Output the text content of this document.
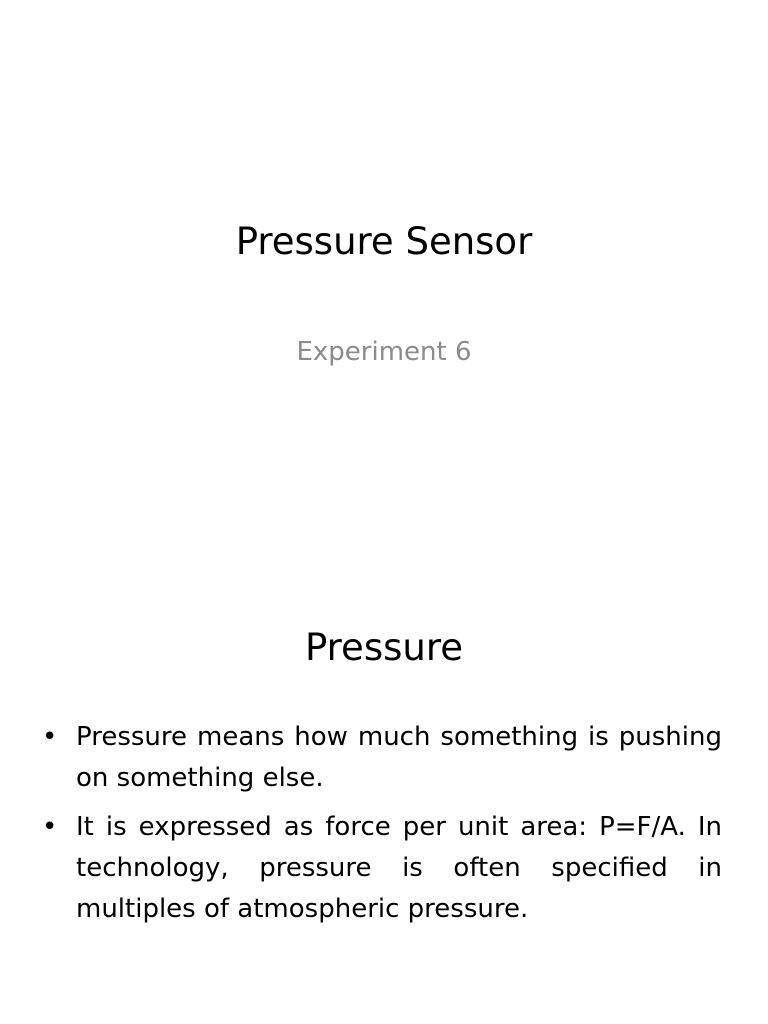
Pressure Sensor
Experiment 6
Pressure
• Pressure means how much something is pushing on something else.
• It is expressed as force per unit area: P=F/A. In technology, pressure is often specified in multiples of atmospheric pressure.
